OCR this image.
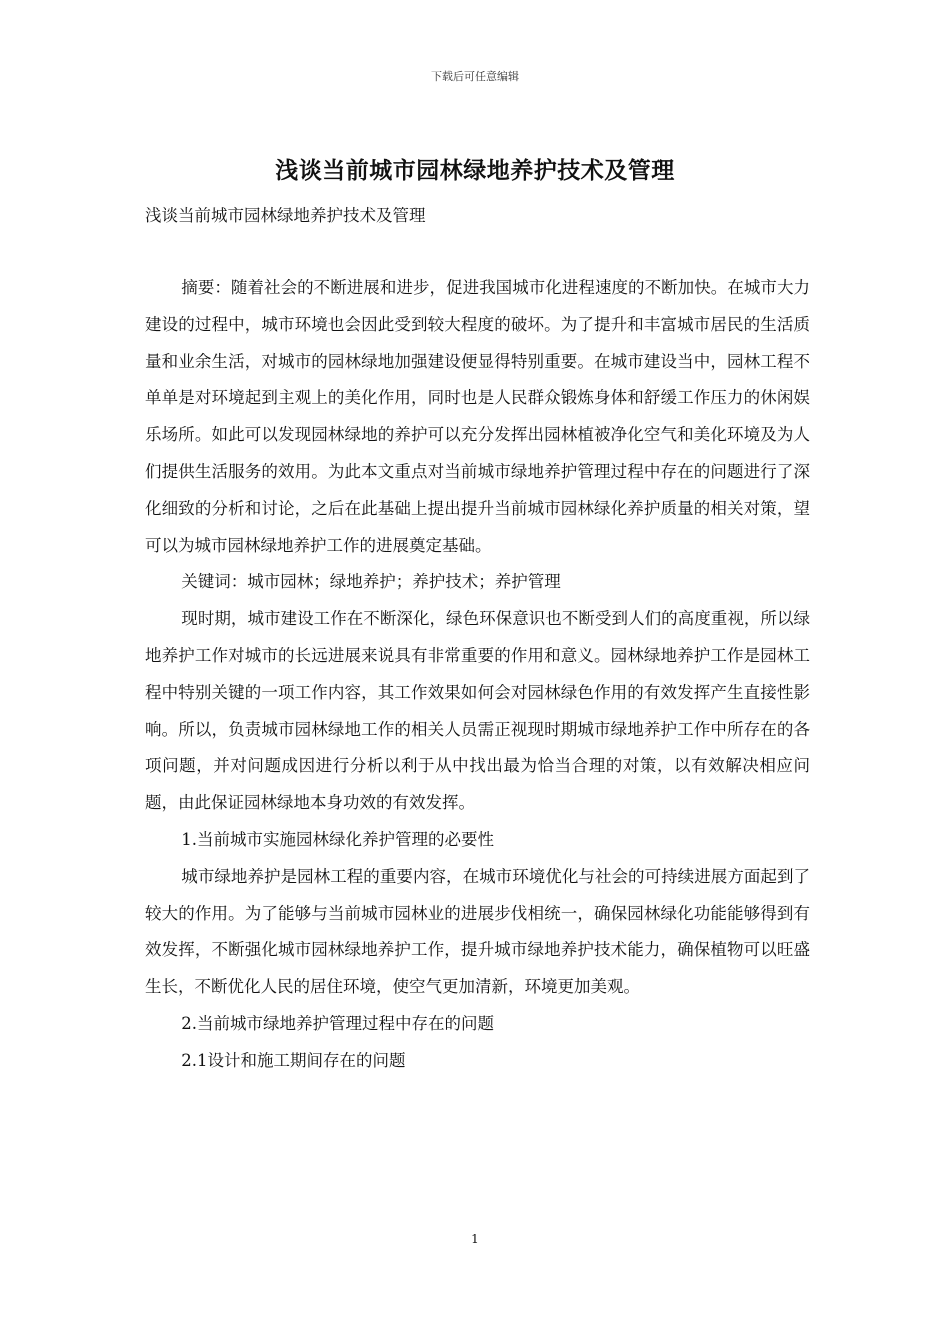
下载后可任意编辑
浅谈当前城市园林绿地养护技术及管理
浅谈当前城市园林绿地养护技术及管理

摘要：随着社会的不断进展和进步，促进我国城市化进程速度的不断加快。在城市大力建设的过程中，城市环境也会因此受到较大程度的破坏。为了提升和丰富城市居民的生活质量和业余生活，对城市的园林绿地加强建设便显得特别重要。在城市建设当中，园林工程不单单是对环境起到主观上的美化作用，同时也是人民群众锻炼身体和舒缓工作压力的休闲娱乐场所。如此可以发现园林绿地的养护可以充分发挥出园林植被净化空气和美化环境及为人们提供生活服务的效用。为此本文重点对当前城市绿地养护管理过程中存在的问题进行了深化细致的分析和讨论，之后在此基础上提出提升当前城市园林绿化养护质量的相关对策，望可以为城市园林绿地养护工作的进展奠定基础。

关键词：城市园林；绿地养护；养护技术；养护管理

现时期，城市建设工作在不断深化，绿色环保意识也不断受到人们的高度重视，所以绿地养护工作对城市的长远进展来说具有非常重要的作用和意义。园林绿地养护工作是园林工程中特别关键的一项工作内容，其工作效果如何会对园林绿色作用的有效发挥产生直接性影响。所以，负责城市园林绿地工作的相关人员需正视现时期城市绿地养护工作中所存在的各项问题，并对问题成因进行分析以利于从中找出最为恰当合理的对策，以有效解决相应问题，由此保证园林绿地本身功效的有效发挥。

1.当前城市实施园林绿化养护管理的必要性

城市绿地养护是园林工程的重要内容，在城市环境优化与社会的可持续进展方面起到了较大的作用。为了能够与当前城市园林业的进展步伐相统一，确保园林绿化功能能够得到有效发挥，不断强化城市园林绿地养护工作，提升城市绿地养护技术能力，确保植物可以旺盛生长，不断优化人民的居住环境，使空气更加清新，环境更加美观。

2.当前城市绿地养护管理过程中存在的问题

2.1设计和施工期间存在的问题

1
